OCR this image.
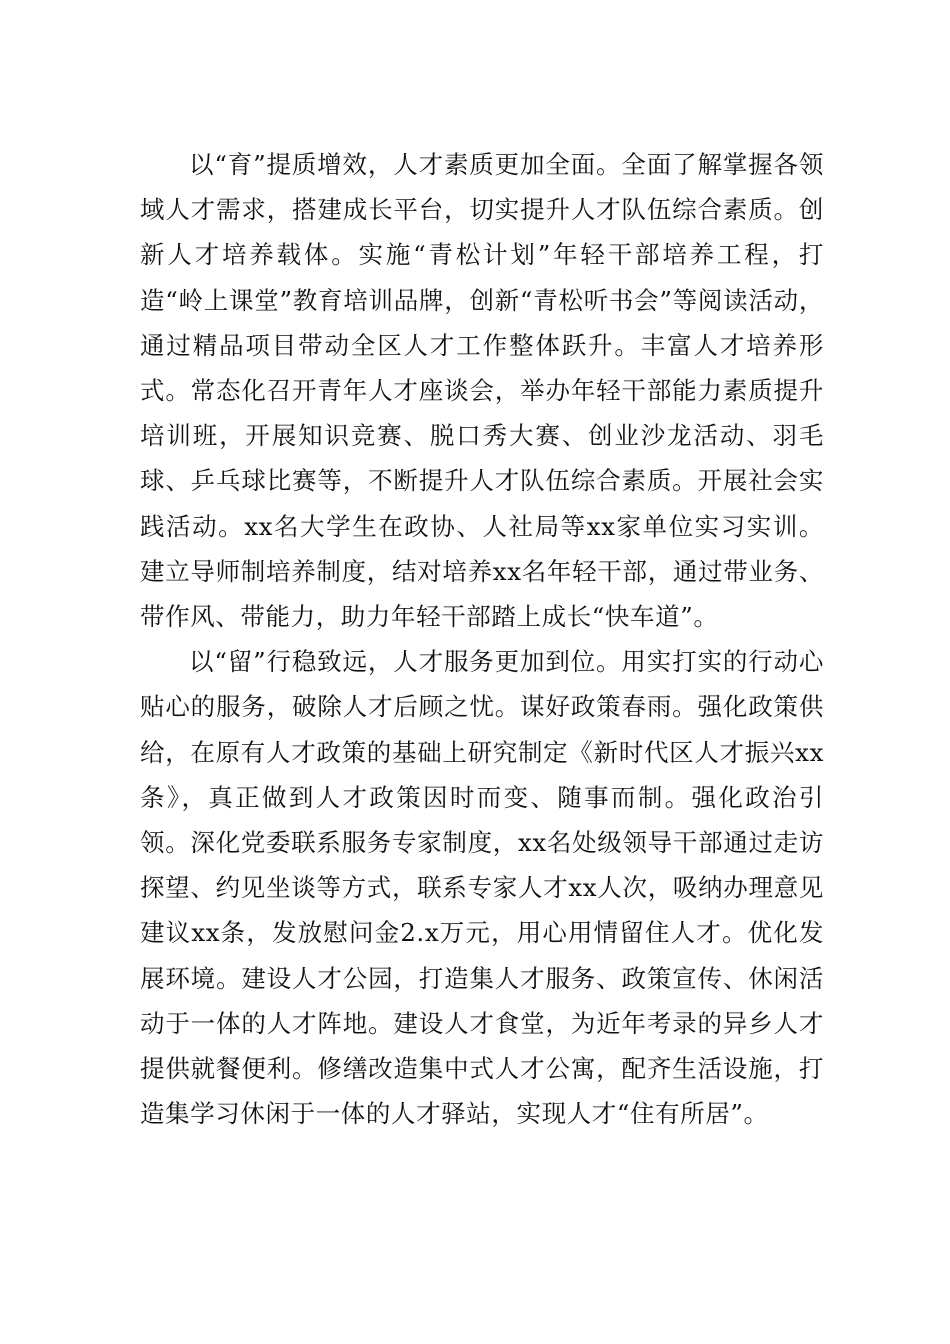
以“育”提质增效，人才素质更加全面。全面了解掌握各领域人才需求，搭建成长平台，切实提升人才队伍综合素质。创新人才培养载体。实施“青松计划”年轻干部培养工程，打造“岭上课堂”教育培训品牌，创新“青松听书会”等阅读活动，通过精品项目带动全区人才工作整体跃升。丰富人才培养形式。常态化召开青年人才座谈会，举办年轻干部能力素质提升培训班，开展知识竞赛、脱口秀大赛、创业沙龙活动、羽毛球、乒乓球比赛等，不断提升人才队伍综合素质。开展社会实践活动。xx名大学生在政协、人社局等xx家单位实习实训。建立导师制培养制度，结对培养xx名年轻干部，通过带业务、带作风、带能力，助力年轻干部踏上成长“快车道”。

以“留”行稳致远，人才服务更加到位。用实打实的行动心贴心的服务，破除人才后顾之忧。谋好政策春雨。强化政策供给，在原有人才政策的基础上研究制定《新时代区人才振兴xx条》，真正做到人才政策因时而变、随事而制。强化政治引领。深化党委联系服务专家制度，xx名处级领导干部通过走访探望、约见坐谈等方式，联系专家人才xx人次，吸纳办理意见建议xx条，发放慰问金2.x万元，用心用情留住人才。优化发展环境。建设人才公园，打造集人才服务、政策宣传、休闲活动于一体的人才阵地。建设人才食堂，为近年考录的异乡人才提供就餐便利。修缮改造集中式人才公寓，配齐生活设施，打造集学习休闲于一体的人才驿站，实现人才“住有所居”。
